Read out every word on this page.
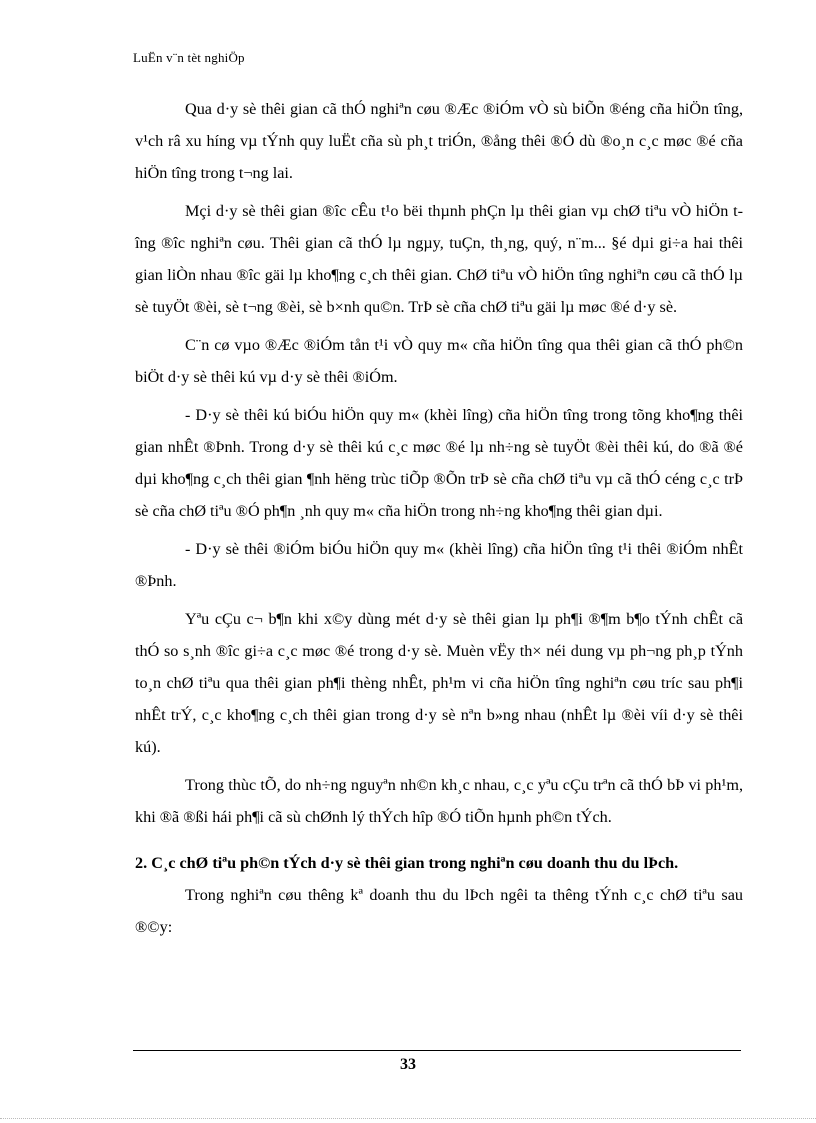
LuËn v¨n tèt nghiÖp

Qua d·y sè thêi gian cã thÓ nghiªn cøu ®Æc ®iÓm vÒ sù biÕn ®éng cña hiÖn tîng, v¹ch râ xu híng vµ tÝnh quy luËt cña sù ph¸t triÓn, ®ång thêi ®Ó dù ®o¸n c¸c møc ®é cña hiÖn tîng trong t¬ng lai.

Mçi d·y sè thêi gian ®îc cÊu t¹o bëi thµnh phÇn lµ thêi gian vµ chØ tiªu vÒ hiÖn tîng ®îc nghiªn cøu. Thêi gian cã thÓ lµ ngµy, tuÇn, th¸ng, quý, n¨m... §é dµi gi÷a hai thêi gian liÒn nhau ®îc gäi lµ kho¶ng c¸ch thêi gian. ChØ tiªu vÒ hiÖn tîng nghiªn cøu cã thÓ lµ sè tuyÖt ®èi, sè t¬ng ®èi, sè b×nh qu©n. TrÞ sè cña chØ tiªu gäi lµ møc ®é d·y sè.

C¨n cø vµo ®Æc ®iÓm tån t¹i vÒ quy m« cña hiÖn tîng qua thêi gian cã thÓ ph©n biÖt d·y sè thêi kú vµ d·y sè thêi ®iÓm.

- D·y sè thêi kú biÓu hiÖn quy m« (khèi lîng) cña hiÖn tîng trong tõng kho¶ng thêi gian nhÊt ®Þnh. Trong d·y sè thêi kú c¸c møc ®é lµ nh÷ng sè tuyÖt ®èi thêi kú, do ®ã ®é dµi kho¶ng c¸ch thêi gian ¶nh hëng trùc tiÕp ®Õn trÞ sè cña chØ tiªu vµ cã thÓ céng c¸c trÞ sè cña chØ tiªu ®Ó ph¶n ¸nh quy m« cña hiÖn trong nh÷ng kho¶ng thêi gian dµi.

- D·y sè thêi ®iÓm biÓu hiÖn quy m« (khèi lîng) cña hiÖn tîng t¹i thêi ®iÓm nhÊt ®Þnh.

Yªu cÇu c¬ b¶n khi x©y dùng mét d·y sè thêi gian lµ ph¶i ®¶m b¶o tÝnh chÊt cã thÓ so s¸nh ®îc gi÷a c¸c møc ®é trong d·y sè. Muèn vËy th× néi dung vµ ph¬ng ph¸p tÝnh to¸n chØ tiªu qua thêi gian ph¶i thèng nhÊt, ph¹m vi cña hiÖn tîng nghiªn cøu tríc sau ph¶i nhÊt trÝ, c¸c kho¶ng c¸ch thêi gian trong d·y sè nªn b»ng nhau (nhÊt lµ ®èi víi d·y sè thêi kú).

Trong thùc tÕ, do nh÷ng nguyªn nh©n kh¸c nhau, c¸c yªu cÇu trªn cã thÓ bÞ vi ph¹m, khi ®ã ®ßi hái ph¶i cã sù chØnh lý thÝch hîp ®Ó tiÕn hµnh ph©n tÝch.

2. C¸c chØ tiªu ph©n tÝch d·y sè thêi gian trong nghiªn cøu doanh thu du lÞch.

Trong nghiªn cøu thêng kª doanh thu du lÞch ngêi ta thêng tÝnh c¸c chØ tiªu sau ®©y:

33
